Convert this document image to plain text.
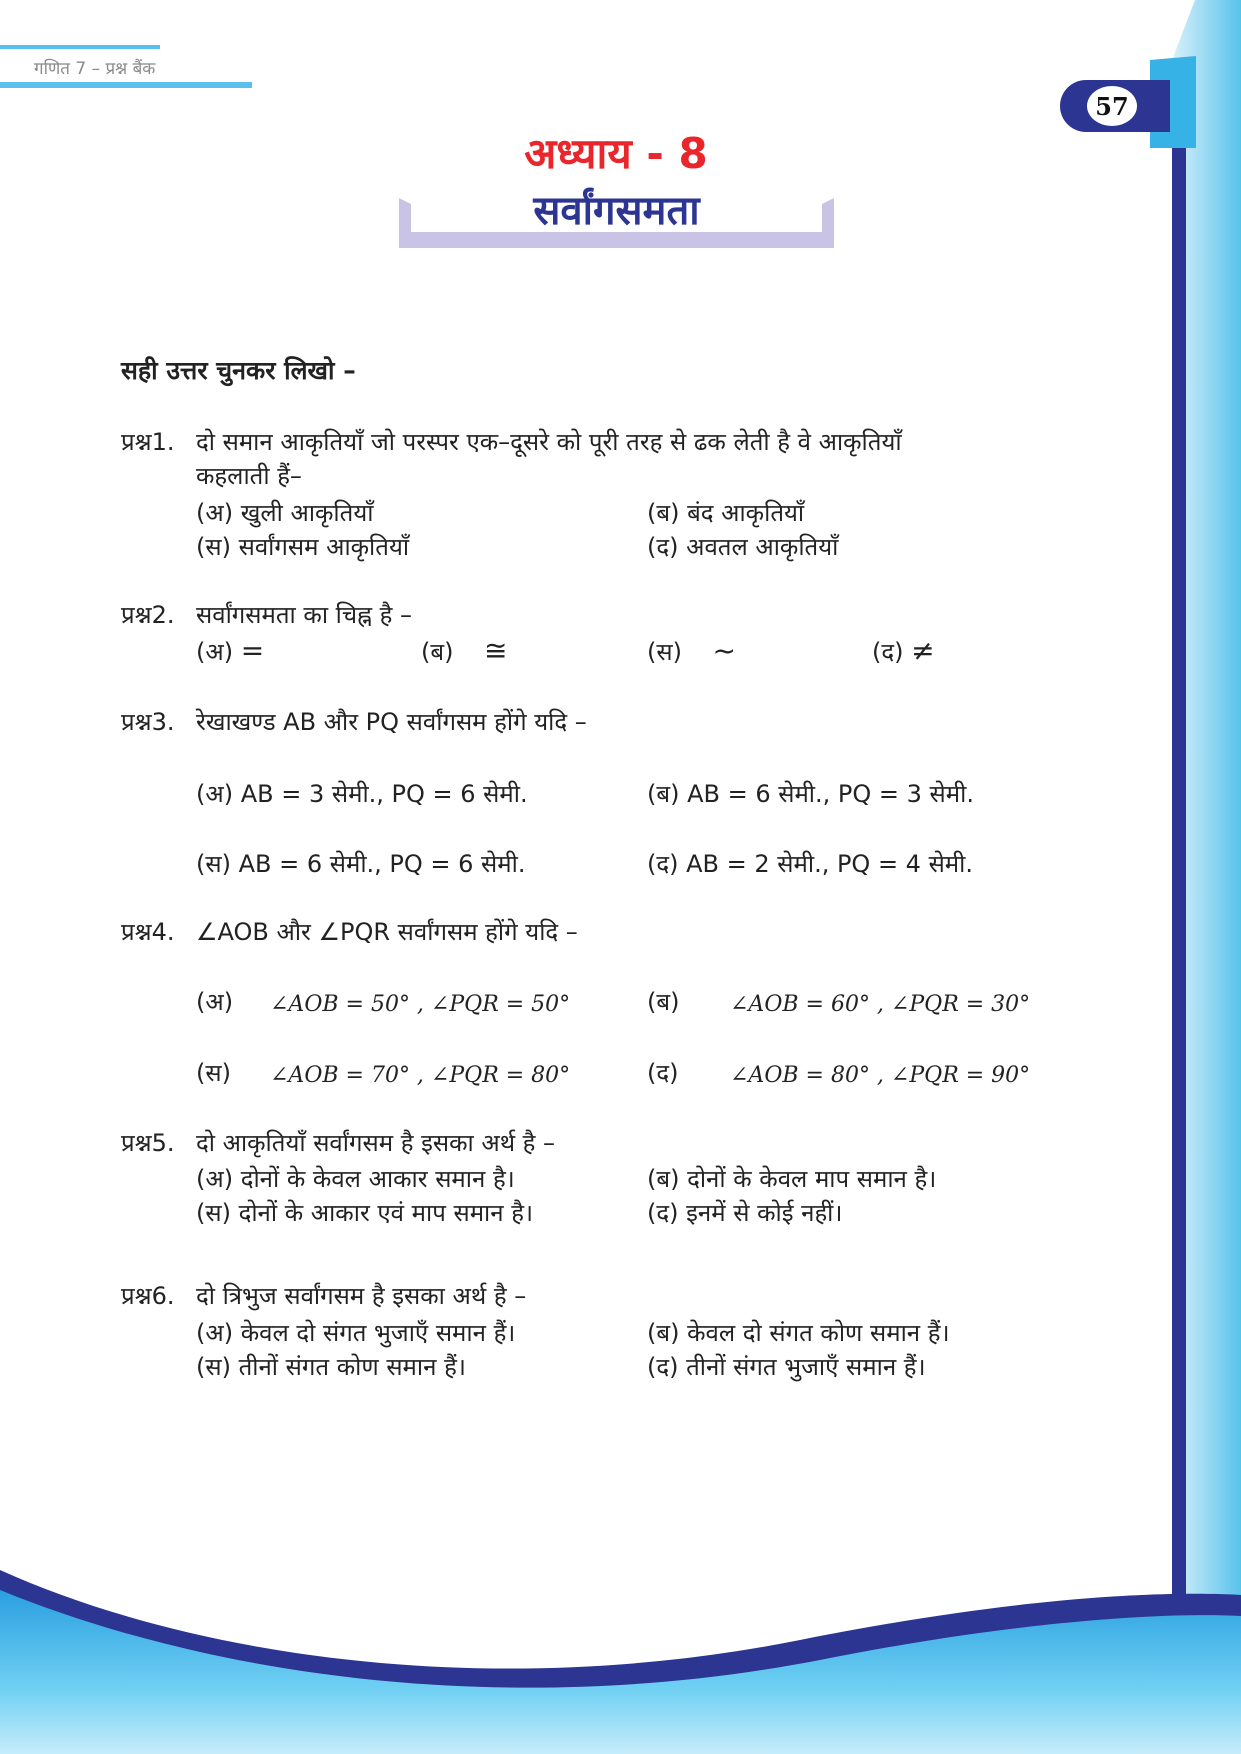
गणित 7 – प्रश्न बैंक
57
अध्याय - 8
सर्वांगसमता
सही उत्तर चुनकर लिखो –
प्रश्न1. दो समान आकृतियाँ जो परस्पर एक–दूसरे को पूरी तरह से ढक लेती है वे आकृतियाँ
कहलाती हैं–
(अ) खुली आकृतियाँ	(ब) बंद आकृतियाँ
(स) सर्वांगसम आकृतियाँ	(द) अवतल आकृतियाँ
प्रश्न2. सर्वांगसमता का चिह्न है –
(अ) =	(ब) ≅	(स) ~	(द) ≠
प्रश्न3. रेखाखण्ड AB और PQ सर्वांगसम होंगे यदि –
(अ) AB = 3 सेमी., PQ = 6 सेमी.	(ब) AB = 6 सेमी., PQ = 3 सेमी.
(स) AB = 6 सेमी., PQ = 6 सेमी.	(द) AB = 2 सेमी., PQ = 4 सेमी.
प्रश्न4. ∠AOB और ∠PQR सर्वांगसम होंगे यदि –
(अ) ∠AOB = 50° , ∠PQR = 50°	(ब) ∠AOB = 60° , ∠PQR = 30°
(स) ∠AOB = 70° , ∠PQR = 80°	(द) ∠AOB = 80° , ∠PQR = 90°
प्रश्न5. दो आकृतियाँ सर्वांगसम है इसका अर्थ है –
(अ) दोनों के केवल आकार समान है।	(ब) दोनों के केवल माप समान है।
(स) दोनों के आकार एवं माप समान है।	(द) इनमें से कोई नहीं।
प्रश्न6. दो त्रिभुज सर्वांगसम है इसका अर्थ है –
(अ) केवल दो संगत भुजाएँ समान हैं।	(ब) केवल दो संगत कोण समान हैं।
(स) तीनों संगत कोण समान हैं।	(द) तीनों संगत भुजाएँ समान हैं।
